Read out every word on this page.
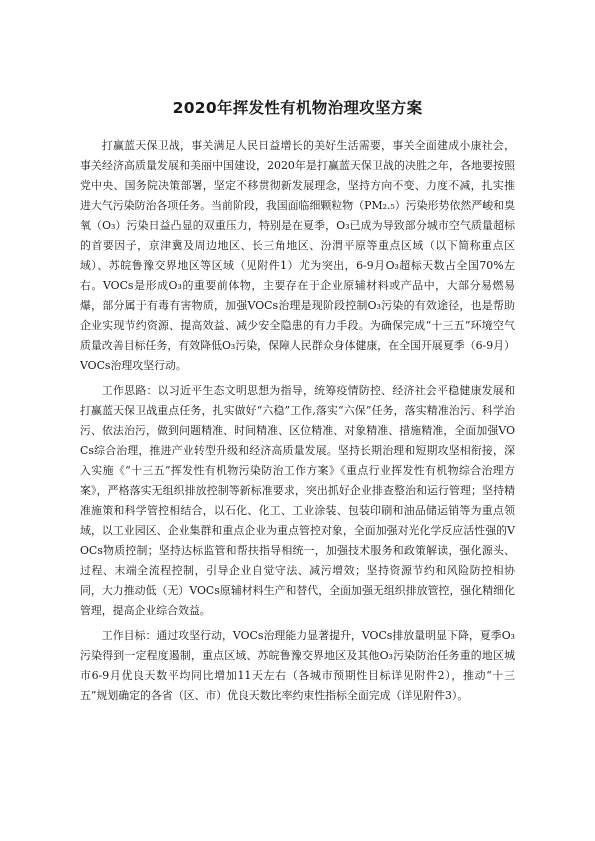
2020年挥发性有机物治理攻坚方案

打赢蓝天保卫战，事关满足人民日益增长的美好生活需要，事关全面建成小康社会，事关经济高质量发展和美丽中国建设，2020年是打赢蓝天保卫战的决胜之年，各地要按照党中央、国务院决策部署，坚定不移贯彻新发展理念，坚持方向不变、力度不减，扎实推进大气污染防治各项任务。当前阶段，我国面临细颗粒物（PM₂.₅）污染形势依然严峻和臭氧（O₃）污染日益凸显的双重压力，特别是在夏季，O₃已成为导致部分城市空气质量超标的首要因子，京津冀及周边地区、长三角地区、汾渭平原等重点区域（以下简称重点区域）、苏皖鲁豫交界地区等区域（见附件1）尤为突出，6-9月O₃超标天数占全国70%左右。VOCs是形成O₃的重要前体物，主要存在于企业原辅材料或产品中，大部分易燃易爆，部分属于有毒有害物质，加强VOCs治理是现阶段控制O₃污染的有效途径，也是帮助企业实现节约资源、提高效益、减少安全隐患的有力手段。为确保完成“十三五”环境空气质量改善目标任务，有效降低O₃污染，保障人民群众身体健康，在全国开展夏季（6-9月）VOCs治理攻坚行动。

工作思路：以习近平生态文明思想为指导，统筹疫情防控、经济社会平稳健康发展和打赢蓝天保卫战重点任务，扎实做好“六稳”工作,落实“六保”任务，落实精准治污、科学治污、依法治污，做到问题精准、时间精准、区位精准、对象精准、措施精准，全面加强VOCs综合治理，推进产业转型升级和经济高质量发展。坚持长期治理和短期攻坚相衔接，深入实施《“十三五”挥发性有机物污染防治工作方案》《重点行业挥发性有机物综合治理方案》，严格落实无组织排放控制等新标准要求，突出抓好企业排查整治和运行管理；坚持精准施策和科学管控相结合，以石化、化工、工业涂装、包装印刷和油品储运销等为重点领域，以工业园区、企业集群和重点企业为重点管控对象，全面加强对光化学反应活性强的VOCs物质控制；坚持达标监管和帮扶指导相统一，加强技术服务和政策解读，强化源头、过程、末端全流程控制，引导企业自觉守法、减污增效；坚持资源节约和风险防控相协同，大力推动低（无）VOCs原辅材料生产和替代，全面加强无组织排放管控，强化精细化管理，提高企业综合效益。

工作目标：通过攻坚行动，VOCs治理能力显著提升，VOCs排放量明显下降，夏季O₃污染得到一定程度遏制，重点区域、苏皖鲁豫交界地区及其他O₃污染防治任务重的地区城市6-9月优良天数平均同比增加11天左右（各城市预期性目标详见附件2），推动“十三五”规划确定的各省（区、市）优良天数比率约束性指标全面完成（详见附件3）。
